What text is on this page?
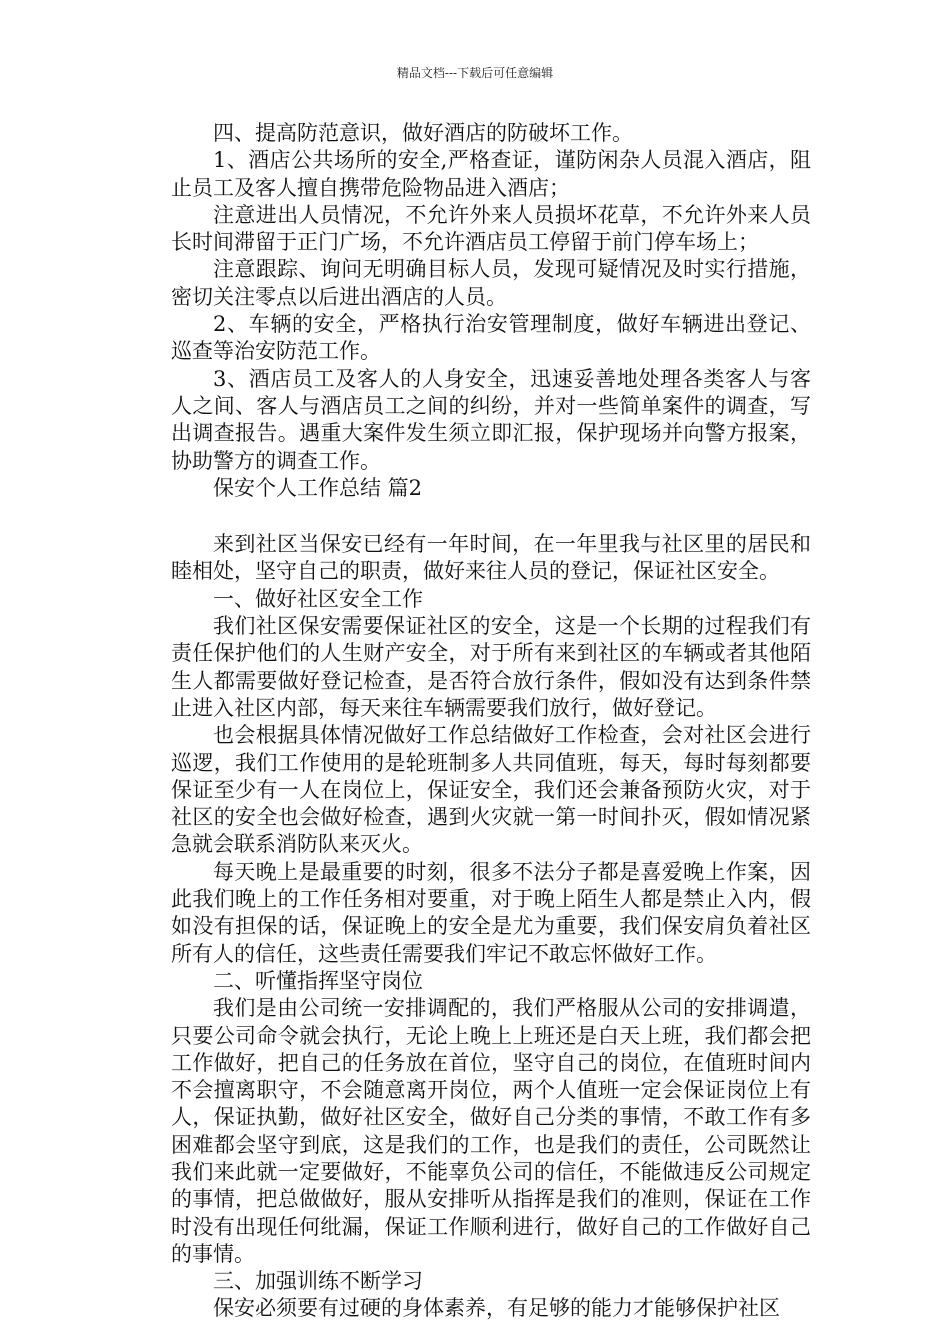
精品文档---下载后可任意编辑

四、提高防范意识，做好酒店的防破坏工作。

1、酒店公共场所的安全,严格查证，谨防闲杂人员混入酒店，阻止员工及客人擅自携带危险物品进入酒店；

注意进出人员情况，不允许外来人员损坏花草，不允许外来人员长时间滞留于正门广场，不允许酒店员工停留于前门停车场上；

注意跟踪、询问无明确目标人员，发现可疑情况及时实行措施，密切关注零点以后进出酒店的人员。

2、车辆的安全，严格执行治安管理制度，做好车辆进出登记、巡查等治安防范工作。

3、酒店员工及客人的人身安全，迅速妥善地处理各类客人与客人之间、客人与酒店员工之间的纠纷，并对一些简单案件的调查，写出调查报告。遇重大案件发生须立即汇报，保护现场并向警方报案，协助警方的调查工作。

保安个人工作总结 篇2

来到社区当保安已经有一年时间，在一年里我与社区里的居民和睦相处，坚守自己的职责，做好来往人员的登记，保证社区安全。

一、做好社区安全工作

我们社区保安需要保证社区的安全，这是一个长期的过程我们有责任保护他们的人生财产安全，对于所有来到社区的车辆或者其他陌生人都需要做好登记检查，是否符合放行条件，假如没有达到条件禁止进入社区内部，每天来往车辆需要我们放行，做好登记。

也会根据具体情况做好工作总结做好工作检查，会对社区会进行巡逻，我们工作使用的是轮班制多人共同值班，每天，每时每刻都要保证至少有一人在岗位上，保证安全，我们还会兼备预防火灾，对于社区的安全也会做好检查，遇到火灾就一第一时间扑灭，假如情况紧急就会联系消防队来灭火。

每天晚上是最重要的时刻，很多不法分子都是喜爱晚上作案，因此我们晚上的工作任务相对要重，对于晚上陌生人都是禁止入内，假如没有担保的话，保证晚上的安全是尤为重要，我们保安肩负着社区所有人的信任，这些责任需要我们牢记不敢忘怀做好工作。

二、听懂指挥坚守岗位

我们是由公司统一安排调配的，我们严格服从公司的安排调遣，只要公司命令就会执行，无论上晚上上班还是白天上班，我们都会把工作做好，把自己的任务放在首位，坚守自己的岗位，在值班时间内不会擅离职守，不会随意离开岗位，两个人值班一定会保证岗位上有人，保证执勤，做好社区安全，做好自己分类的事情，不敢工作有多困难都会坚守到底，这是我们的工作，也是我们的责任，公司既然让我们来此就一定要做好，不能辜负公司的信任，不能做违反公司规定的事情，把总做做好，服从安排听从指挥是我们的准则，保证在工作时没有出现任何纰漏，保证工作顺利进行，做好自己的工作做好自己的事情。

三、加强训练不断学习

保安必须要有过硬的身体素养，有足够的能力才能够保护社区
